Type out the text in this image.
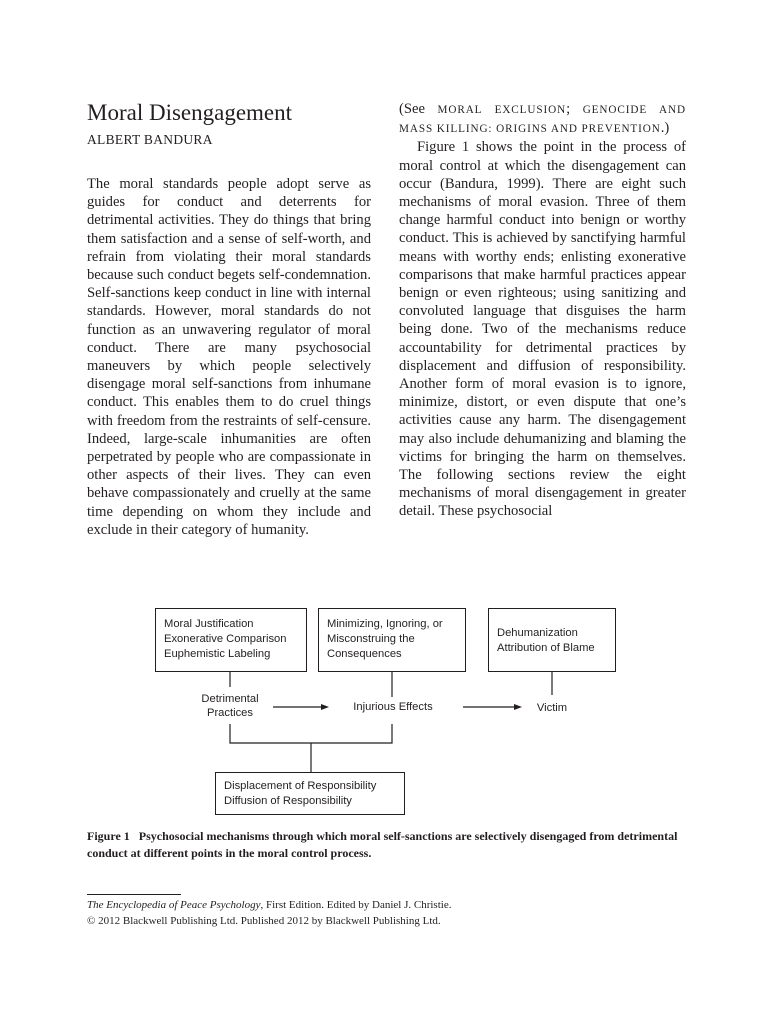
Moral Disengagement
ALBERT BANDURA

The moral standards people adopt serve as guides for conduct and deterrents for detrimental activities. They do things that bring them satisfaction and a sense of self-worth, and refrain from violating their moral standards because such conduct begets self-condemnation. Self-sanctions keep conduct in line with internal standards. However, moral standards do not function as an unwavering regulator of moral conduct. There are many psychosocial maneuvers by which people selectively disengage moral self-sanctions from inhumane conduct. This enables them to do cruel things with freedom from the restraints of self-censure. Indeed, large-scale inhumanities are often perpetrated by people who are compassionate in other aspects of their lives. They can even behave compassionately and cruelly at the same time depending on whom they include and exclude in their category of humanity.

(See MORAL EXCLUSION; GENOCIDE AND MASS KILLING: ORIGINS AND PREVENTION.)

Figure 1 shows the point in the process of moral control at which the disengagement can occur (Bandura, 1999). There are eight such mechanisms of moral evasion. Three of them change harmful conduct into benign or worthy conduct. This is achieved by sanctifying harmful means with worthy ends; enlisting exonerative comparisons that make harmful practices appear benign or even righteous; using sanitizing and convoluted language that disguises the harm being done. Two of the mechanisms reduce accountability for detrimental practices by displacement and diffusion of responsibility. Another form of moral evasion is to ignore, minimize, distort, or even dispute that one’s activities cause any harm. The disengagement may also include dehumanizing and blaming the victims for bringing the harm on themselves. The following sections review the eight mechanisms of moral disengagement in greater detail. These psychosocial

Moral Justification
Exonerative Comparison
Euphemistic Labeling
Minimizing, Ignoring, or
Misconstruing the
Consequences
Dehumanization
Attribution of Blame
Detrimental
Practices	Injurious Effects	Victim
Displacement of Responsibility
Diffusion of Responsibility
Figure 1 Psychosocial mechanisms through which moral self-sanctions are selectively disengaged from detrimental conduct at different points in the moral control process.
The Encyclopedia of Peace Psychology, First Edition. Edited by Daniel J. Christie.
© 2012 Blackwell Publishing Ltd. Published 2012 by Blackwell Publishing Ltd.
